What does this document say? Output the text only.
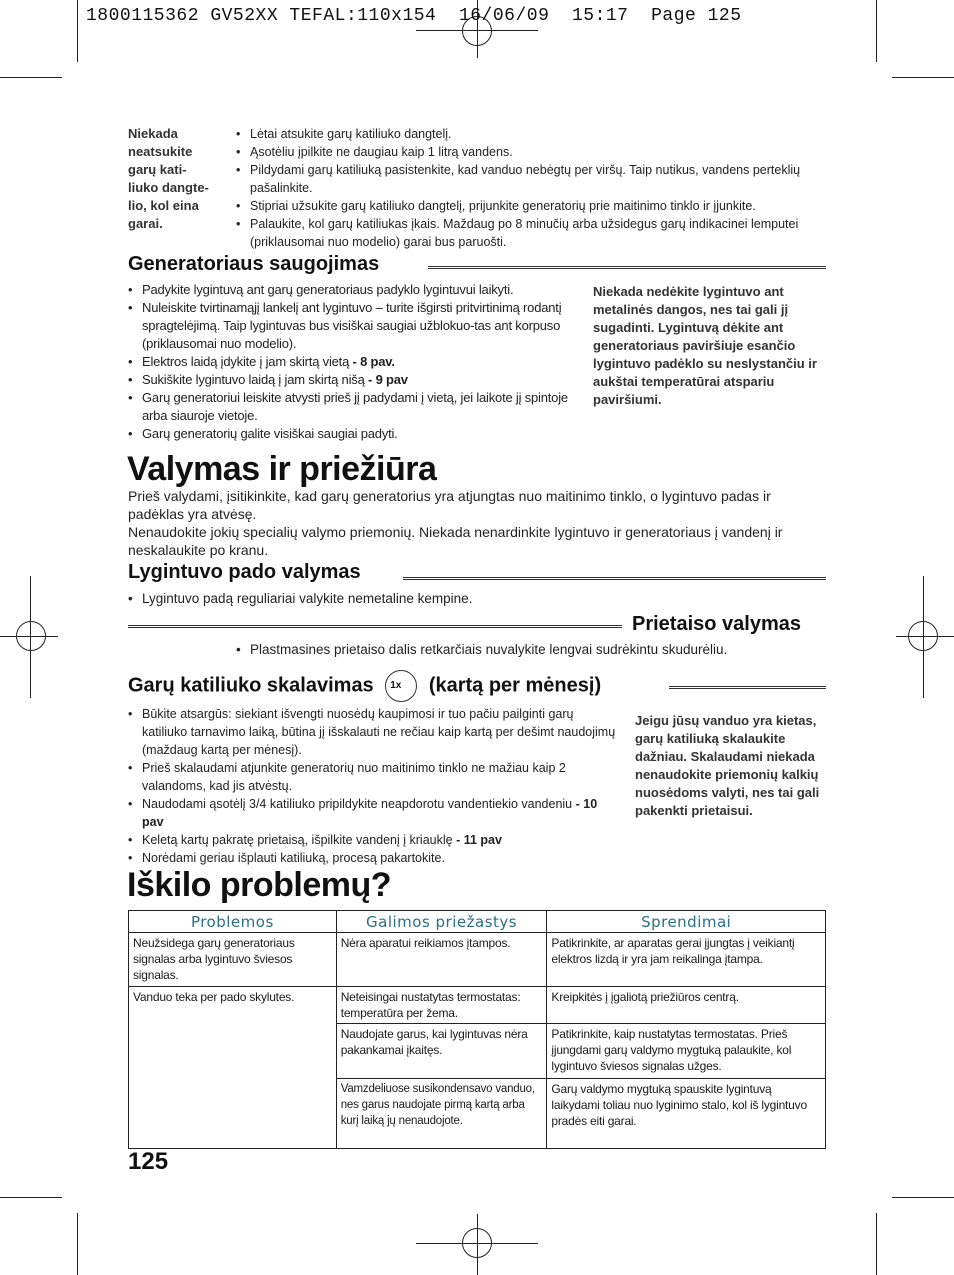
1800115362 GV52XX TEFAL:110x154  16/06/09  15:17  Page 125
Niekada
neatsukite
garų kati-
liuko dangte-
lio, kol eina
garai.
• Lėtai atsukite garų katiliuko dangtelį.
• Ąsotėliu įpilkite ne daugiau kaip 1 litrą vandens.
• Pildydami garų katiliuką pasistenkite, kad vanduo nebėgtų per viršų. Taip nutikus, vandens perteklių pašalinkite.
• Stipriai užsukite garų katiliuko dangtelį, prijunkite generatorių prie maitinimo tinklo ir įjunkite.
• Palaukite, kol garų katiliukas įkais. Maždaug po 8 minučių arba užsidegus garų indikacinei lemputei (priklausomai nuo modelio) garai bus paruošti.
Generatoriaus saugojimas
• Padykite lygintuvą ant garų generatoriaus padyklo lygintuvui laikyti.
• Nuleiskite tvirtinamąjį lankelį ant lygintuvo – turite išgirsti pritvirtinimą rodantį spragtelėjimą. Taip lygintuvas bus visiškai saugiai užblokuo-tas ant korpuso (priklausomai nuo modelio).
• Elektros laidą įdykite į jam skirtą vietą - 8 pav.
• Sukiškite lygintuvo laidą į jam skirtą nišą - 9 pav
• Garų generatoriui leiskite atvysti prieš jį padydami į vietą, jei laikote jį spintoje arba siauroje vietoje.
• Garų generatorių galite visiškai saugiai padyti.
Niekada nedėkite lygintuvo ant metalinės dangos, nes tai gali jį sugadinti. Lygintuvą dėkite ant generatoriaus paviršiuje esančio lygintuvo padėklo su neslystančiu ir aukštai temperatūrai atspariu paviršiumi.
Valymas ir priežiūra
Prieš valydami, įsitikinkite, kad garų generatorius yra atjungtas nuo maitinimo tinklo, o lygintuvo padas ir padėklas yra atvėsę.
Nenaudokite jokių specialių valymo priemonių. Niekada nenardinkite lygintuvo ir generatoriaus į vandenį ir neskalaukite po kranu.
Lygintuvo pado valymas
• Lygintuvo padą reguliariai valykite nemetaline kempine.
Prietaiso valymas
• Plastmasines prietaiso dalis retkarčiais nuvalykite lengvai sudrėkintu skudurėliu.
Garų katiliuko skalavimas 1x (kartą per mėnesį)
• Būkite atsargūs: siekiant išvengti nuosėdų kaupimosi ir tuo pačiu pailginti garų katiliuko tarnavimo laiką, būtina jį išskalauti ne rečiau kaip kartą per dešimt naudojimų (maždaug kartą per mėnesį).
• Prieš skalaudami atjunkite generatorių nuo maitinimo tinklo ne mažiau kaip 2 valandoms, kad jis atvėstų.
• Naudodami ąsotėlį 3/4 katiliuko pripildykite neapdorotu vandentiekio vandeniu - 10 pav
• Keletą kartų pakratę prietaisą, išpilkite vandenį į kriauklę - 11 pav
• Norėdami geriau išplauti katiliuką, procesą pakartokite.
Jeigu jūsų vanduo yra kietas, garų katiliuką skalaukite dažniau. Skalaudami niekada nenaudokite priemonių kalkių nuosėdoms valyti, nes tai gali pakenkti prietaisui.
Iškilo problemų?
Problemos	Galimos priežastys	Sprendimai
Neužsidega garų generatoriaus signalas arba lygintuvo šviesos signalas.	Nėra aparatui reikiamos įtampos.	Patikrinkite, ar aparatas gerai įjungtas į veikiantį elektros lizdą ir yra jam reikalinga įtampa.
Vanduo teka per pado skylutes.	Neteisingai nustatytas termostatas: temperatūra per žema.	Kreipkitės į įgaliotą priežiūros centrą.
	Naudojate garus, kai lygintuvas nėra pakankamai įkaitęs.	Patikrinkite, kaip nustatytas termostatas. Prieš įjungdami garų valdymo mygtuką palaukite, kol lygintuvo šviesos signalas užges.
	Vamzdeliuose susikondensavo vanduo, nes garus naudojate pirmą kartą arba kurį laiką jų nenaudojote.	Garų valdymo mygtuką spauskite lygintuvą laikydami toliau nuo lyginimo stalo, kol iš lygintuvo pradės eiti garai.
125
